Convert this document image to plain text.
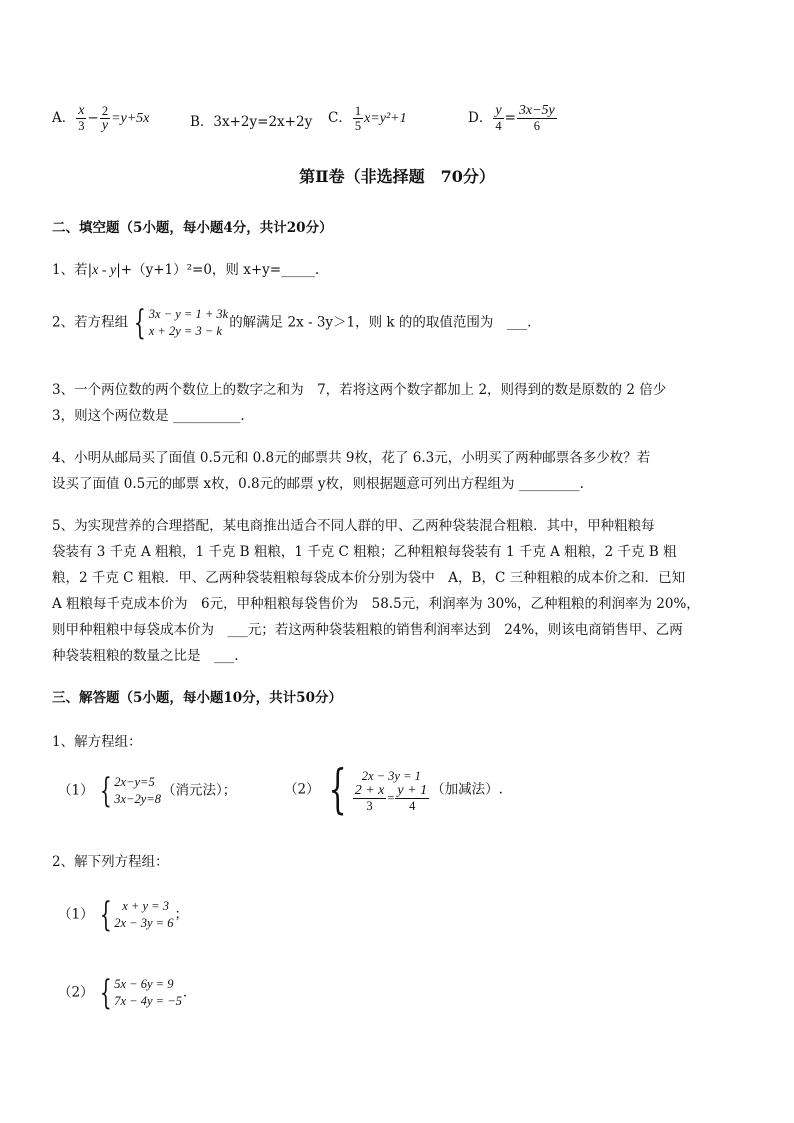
A． $\frac{x}{3} - \frac{2}{y} =y+5x$	B．3x+2y=2x+2y C． $\frac{1}{5} x=y^2+1$	D． $\frac{y}{4} = \frac{3x-5y}{6}$
第Ⅱ卷（非选择题　70分）
二、填空题（5小题，每小题4分，共计20分）
1、若|x - y|+（y+1）²=0，则 x+y=_____.
2、若方程组 { 3x − y = 1 + 3k
x + 2y = 3 − k
的解满足 2x - 3y＞1，则 k 的的取值范围为　___.
3、一个两位数的两个数位上的数字之和为　7，若将这两个数字都加上 2，则得到的数是原数的 2 倍少
3，则这个两位数是 __________.
4、小明从邮局买了面值 0.5元和 0.8元的邮票共 9枚，花了 6.3元，小明买了两种邮票各多少枚？若
设买了面值 0.5元的邮票 x枚，0.8元的邮票 y枚，则根据题意可列出方程组为 _________.
5、为实现营养的合理搭配，某电商推出适合不同人群的甲、乙两种袋装混合粗粮．其中，甲种粗粮每
袋装有 3 千克 A 粗粮，1 千克 B 粗粮，1 千克 C 粗粮；乙种粗粮每袋装有 1 千克 A 粗粮，2 千克 B 粗
粮，2 千克 C 粗粮．甲、乙两种袋装粗粮每袋成本价分别为袋中　A，B，C 三种粗粮的成本价之和．已知
A 粗粮每千克成本价为　6元，甲种粗粮每袋售价为　58.5元，利润率为 30%，乙种粗粮的利润率为 20%，
则甲种粗粮中每袋成本价为　___元；若这两种袋装粗粮的销售利润率达到　24%，则该电商销售甲、乙两
种袋装粗粮的数量之比是　___.
三、解答题（5小题，每小题10分，共计50分）
1、解方程组：
（1） { 2x−y=5
3x−2y=8
（消元法）；	（2） {	2x − 3y = 1
$\frac{2 + x}{3} = \frac{y + 1}{4}$ （加减法）.
2、解下列方程组：
（1） { x + y = 3
2x − 3y = 6
；
（2） { 5x − 6y = 9
7x − 4y = −5
.
